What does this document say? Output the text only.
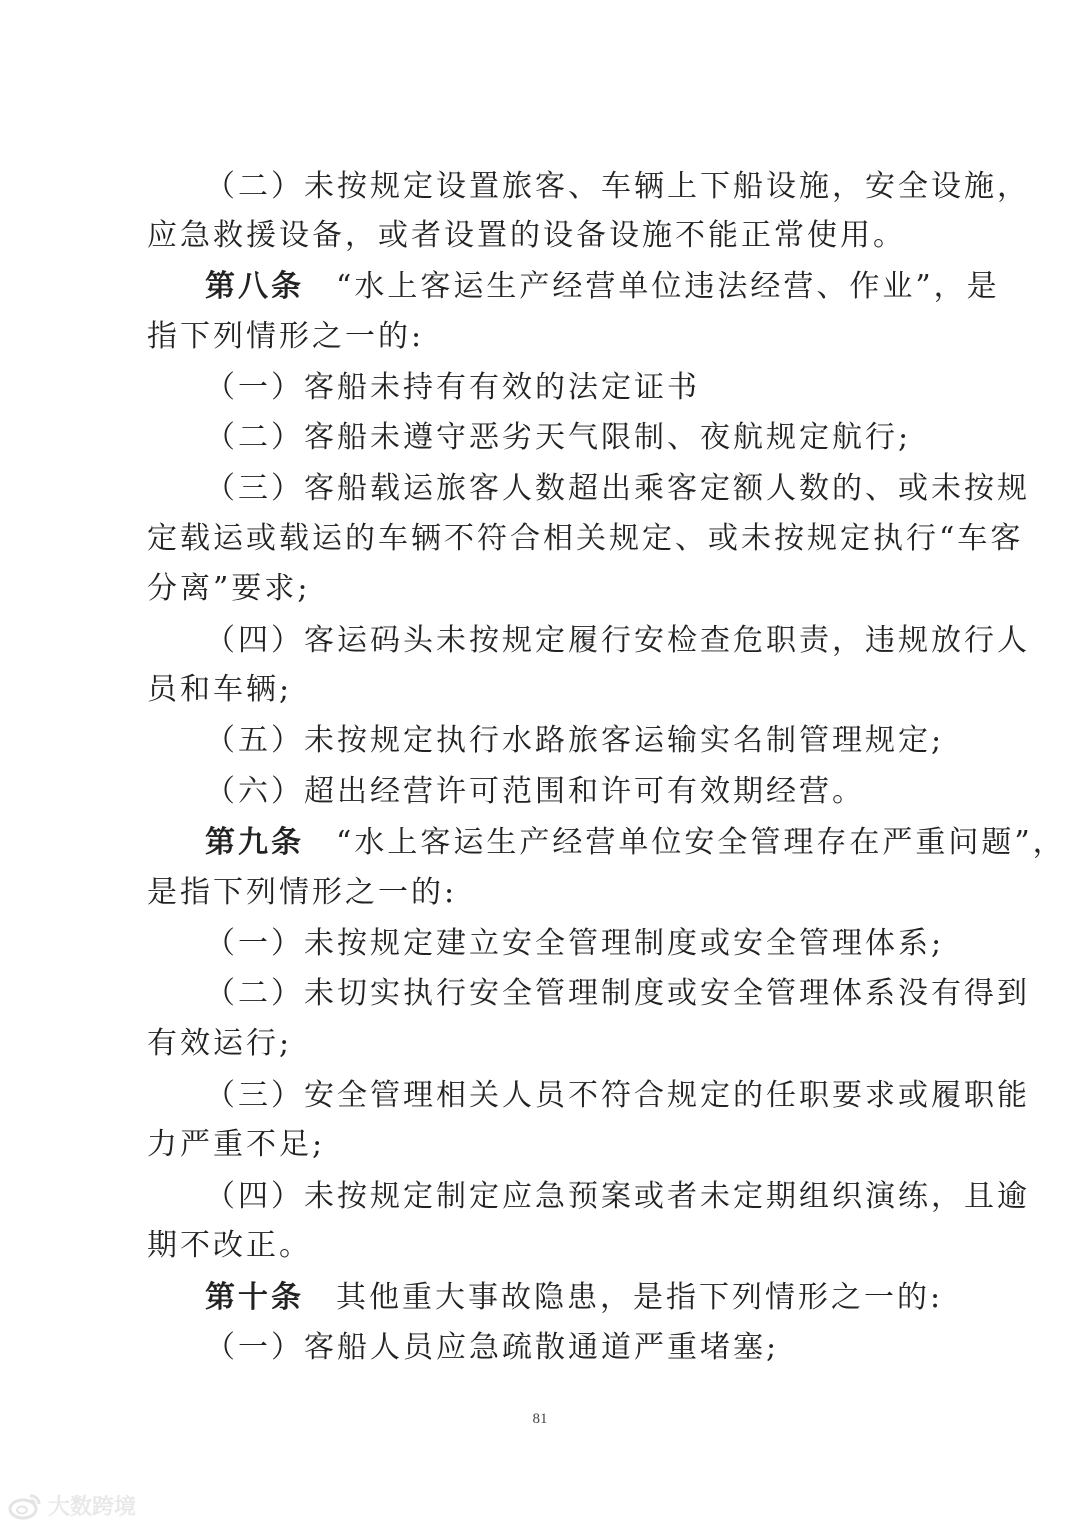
（二）未按规定设置旅客、车辆上下船设施，安全设施，
应急救援设备，或者设置的设备设施不能正常使用。
第八条 “水上客运生产经营单位违法经营、作业”，是
指下列情形之一的:
（一）客船未持有有效的法定证书
（二）客船未遵守恶劣天气限制、夜航规定航行;
（三）客船载运旅客人数超出乘客定额人数的、或未按规
定载运或载运的车辆不符合相关规定、或未按规定执行“车客
分离”要求;
（四）客运码头未按规定履行安检查危职责，违规放行人
员和车辆;
（五）未按规定执行水路旅客运输实名制管理规定;
（六）超出经营许可范围和许可有效期经营。
第九条 “水上客运生产经营单位安全管理存在严重问题”，
是指下列情形之一的:
（一）未按规定建立安全管理制度或安全管理体系;
（二）未切实执行安全管理制度或安全管理体系没有得到
有效运行;
（三）安全管理相关人员不符合规定的任职要求或履职能
力严重不足;
（四）未按规定制定应急预案或者未定期组织演练，且逾
期不改正。
第十条 其他重大事故隐患，是指下列情形之一的:
（一）客船人员应急疏散通道严重堵塞;
81
大数跨境
